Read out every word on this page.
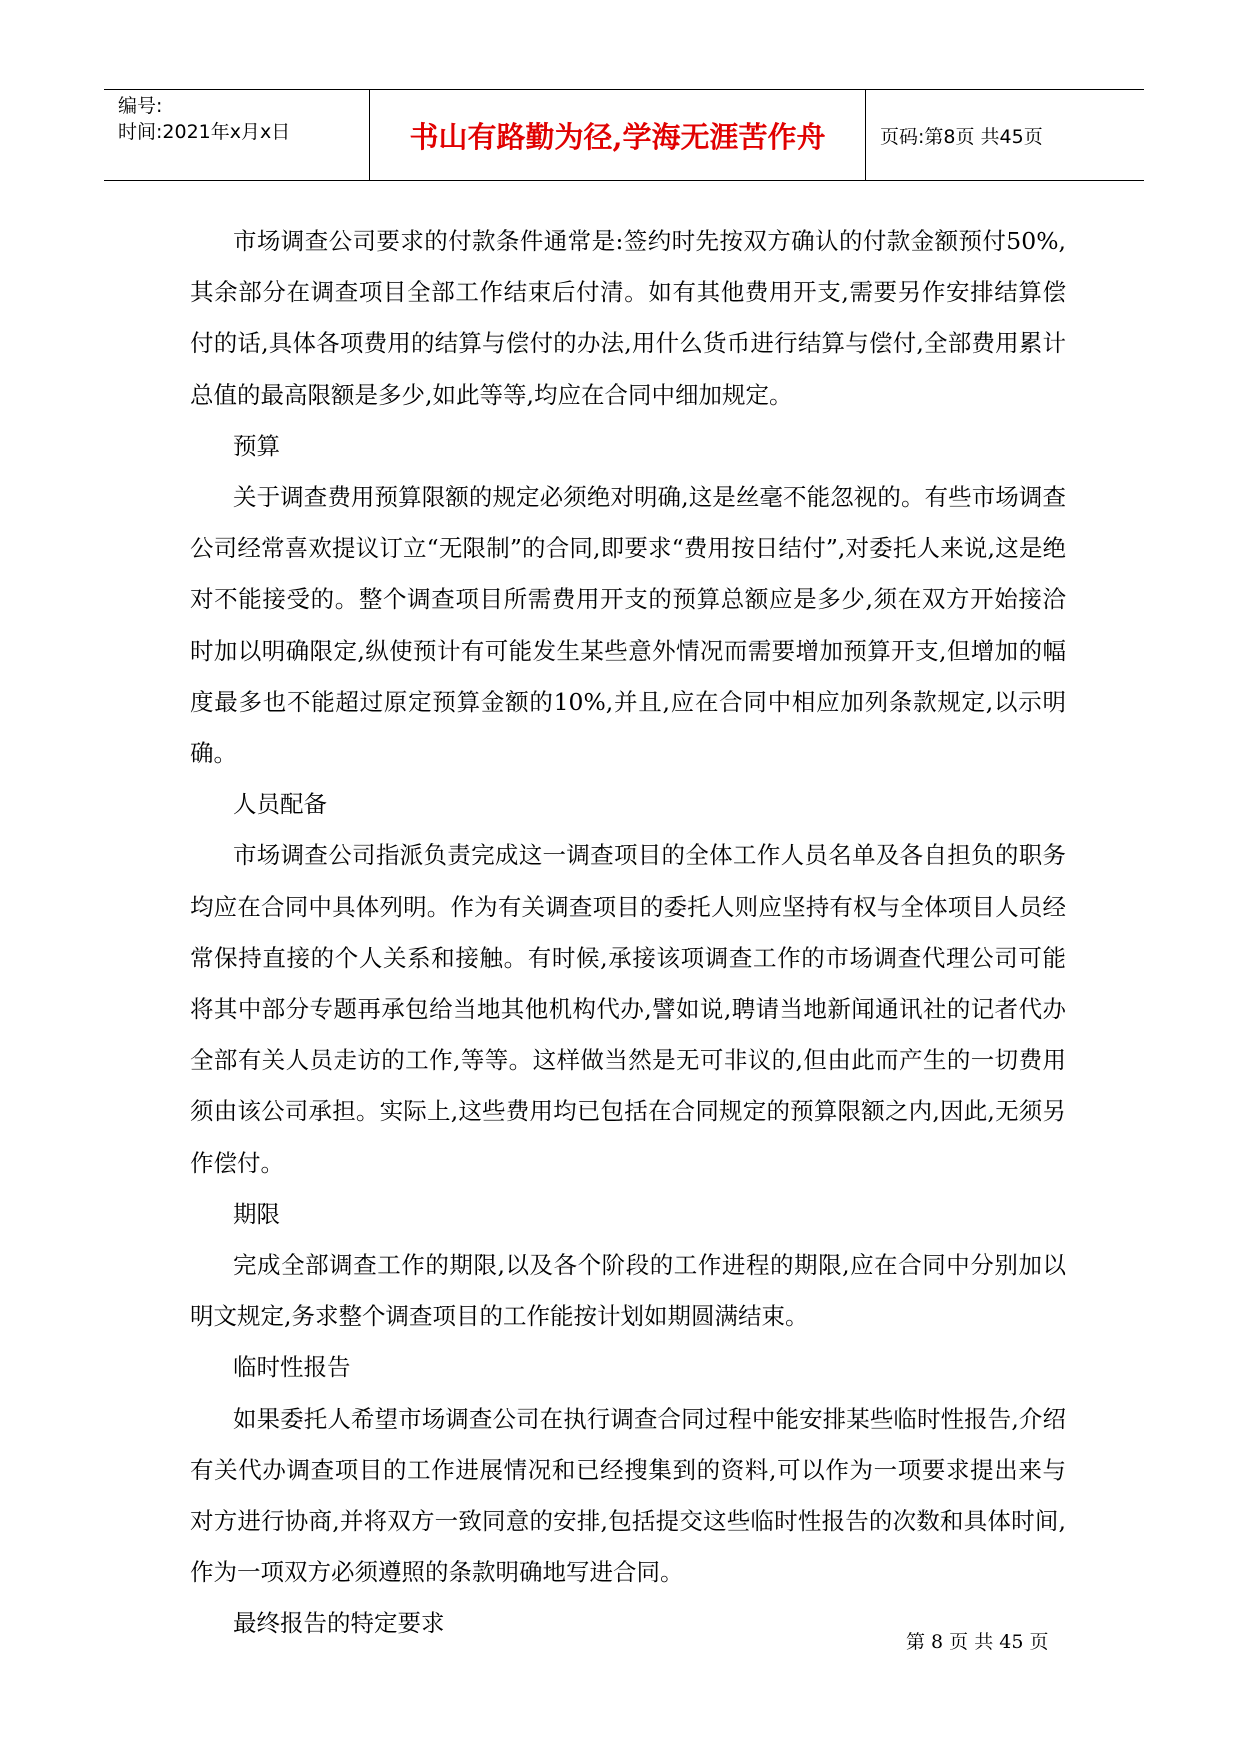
编号:
时间:2021年x月x日	书山有路勤为径,学海无涯苦作舟	页码:第8页 共45页

市场调查公司要求的付款条件通常是:签约时先按双方确认的付款金额预付50%,其余部分在调查项目全部工作结束后付清。如有其他费用开支,需要另作安排结算偿付的话,具体各项费用的结算与偿付的办法,用什么货币进行结算与偿付,全部费用累计总值的最高限额是多少,如此等等,均应在合同中细加规定。

预算

关于调查费用预算限额的规定必须绝对明确,这是丝毫不能忽视的。有些市场调查公司经常喜欢提议订立“无限制”的合同,即要求“费用按日结付”,对委托人来说,这是绝对不能接受的。整个调查项目所需费用开支的预算总额应是多少,须在双方开始接洽时加以明确限定,纵使预计有可能发生某些意外情况而需要增加预算开支,但增加的幅度最多也不能超过原定预算金额的10%,并且,应在合同中相应加列条款规定,以示明确。

人员配备

市场调查公司指派负责完成这一调查项目的全体工作人员名单及各自担负的职务均应在合同中具体列明。作为有关调查项目的委托人则应坚持有权与全体项目人员经常保持直接的个人关系和接触。有时候,承接该项调查工作的市场调查代理公司可能将其中部分专题再承包给当地其他机构代办,譬如说,聘请当地新闻通讯社的记者代办全部有关人员走访的工作,等等。这样做当然是无可非议的,但由此而产生的一切费用须由该公司承担。实际上,这些费用均已包括在合同规定的预算限额之内,因此,无须另作偿付。

期限

完成全部调查工作的期限,以及各个阶段的工作进程的期限,应在合同中分别加以明文规定,务求整个调查项目的工作能按计划如期圆满结束。

临时性报告

如果委托人希望市场调查公司在执行调查合同过程中能安排某些临时性报告,介绍有关代办调查项目的工作进展情况和已经搜集到的资料,可以作为一项要求提出来与对方进行协商,并将双方一致同意的安排,包括提交这些临时性报告的次数和具体时间,作为一项双方必须遵照的条款明确地写进合同。

最终报告的特定要求

第 8 页 共 45 页
